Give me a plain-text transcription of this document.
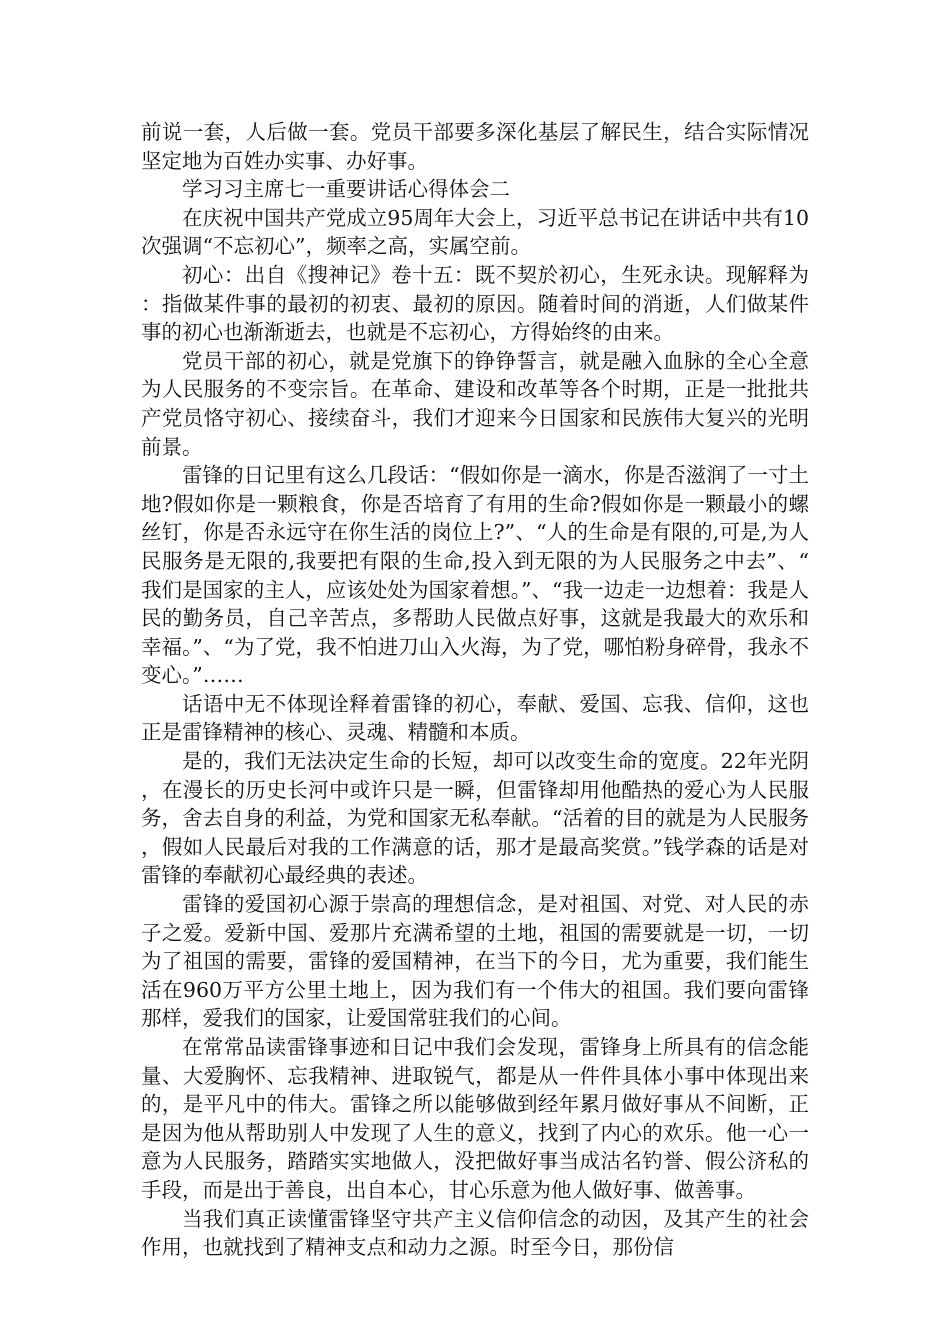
前说一套，人后做一套。党员干部要多深化基层了解民生，结合实际情况坚定地为百姓办实事、办好事。

学习习主席七一重要讲话心得体会二

在庆祝中国共产党成立95周年大会上，习近平总书记在讲话中共有10次强调“不忘初心”，频率之高，实属空前。

初心：出自《搜神记》卷十五：既不契於初心，生死永诀。现解释为：指做某件事的最初的初衷、最初的原因。随着时间的消逝，人们做某件事的初心也渐渐逝去，也就是不忘初心，方得始终的由来。

党员干部的初心，就是党旗下的铮铮誓言，就是融入血脉的全心全意为人民服务的不变宗旨。在革命、建设和改革等各个时期，正是一批批共产党员恪守初心、接续奋斗，我们才迎来今日国家和民族伟大复兴的光明前景。

雷锋的日记里有这么几段话：“假如你是一滴水，你是否滋润了一寸土地?假如你是一颗粮食，你是否培育了有用的生命?假如你是一颗最小的螺丝钉，你是否永远守在你生活的岗位上?”、“人的生命是有限的,可是,为人民服务是无限的,我要把有限的生命,投入到无限的为人民服务之中去”、“我们是国家的主人，应该处处为国家着想。”、“我一边走一边想着：我是人民的勤务员，自己辛苦点，多帮助人民做点好事，这就是我最大的欢乐和幸福。”、“为了党，我不怕进刀山入火海，为了党，哪怕粉身碎骨，我永不变心。”……

话语中无不体现诠释着雷锋的初心，奉献、爱国、忘我、信仰，这也正是雷锋精神的核心、灵魂、精髓和本质。

是的，我们无法决定生命的长短，却可以改变生命的宽度。22年光阴，在漫长的历史长河中或许只是一瞬，但雷锋却用他酷热的爱心为人民服务，舍去自身的利益，为党和国家无私奉献。“活着的目的就是为人民服务，假如人民最后对我的工作满意的话，那才是最高奖赏。”钱学森的话是对雷锋的奉献初心最经典的表述。

雷锋的爱国初心源于崇高的理想信念，是对祖国、对党、对人民的赤子之爱。爱新中国、爱那片充满希望的土地，祖国的需要就是一切，一切为了祖国的需要，雷锋的爱国精神，在当下的今日，尤为重要，我们能生活在960万平方公里土地上，因为我们有一个伟大的祖国。我们要向雷锋那样，爱我们的国家，让爱国常驻我们的心间。

在常常品读雷锋事迹和日记中我们会发现，雷锋身上所具有的信念能量、大爱胸怀、忘我精神、进取锐气，都是从一件件具体小事中体现出来的，是平凡中的伟大。雷锋之所以能够做到经年累月做好事从不间断，正是因为他从帮助别人中发现了人生的意义，找到了内心的欢乐。他一心一意为人民服务，踏踏实实地做人，没把做好事当成沽名钓誉、假公济私的手段，而是出于善良，出自本心，甘心乐意为他人做好事、做善事。

当我们真正读懂雷锋坚守共产主义信仰信念的动因，及其产生的社会作用，也就找到了精神支点和动力之源。时至今日，那份信
